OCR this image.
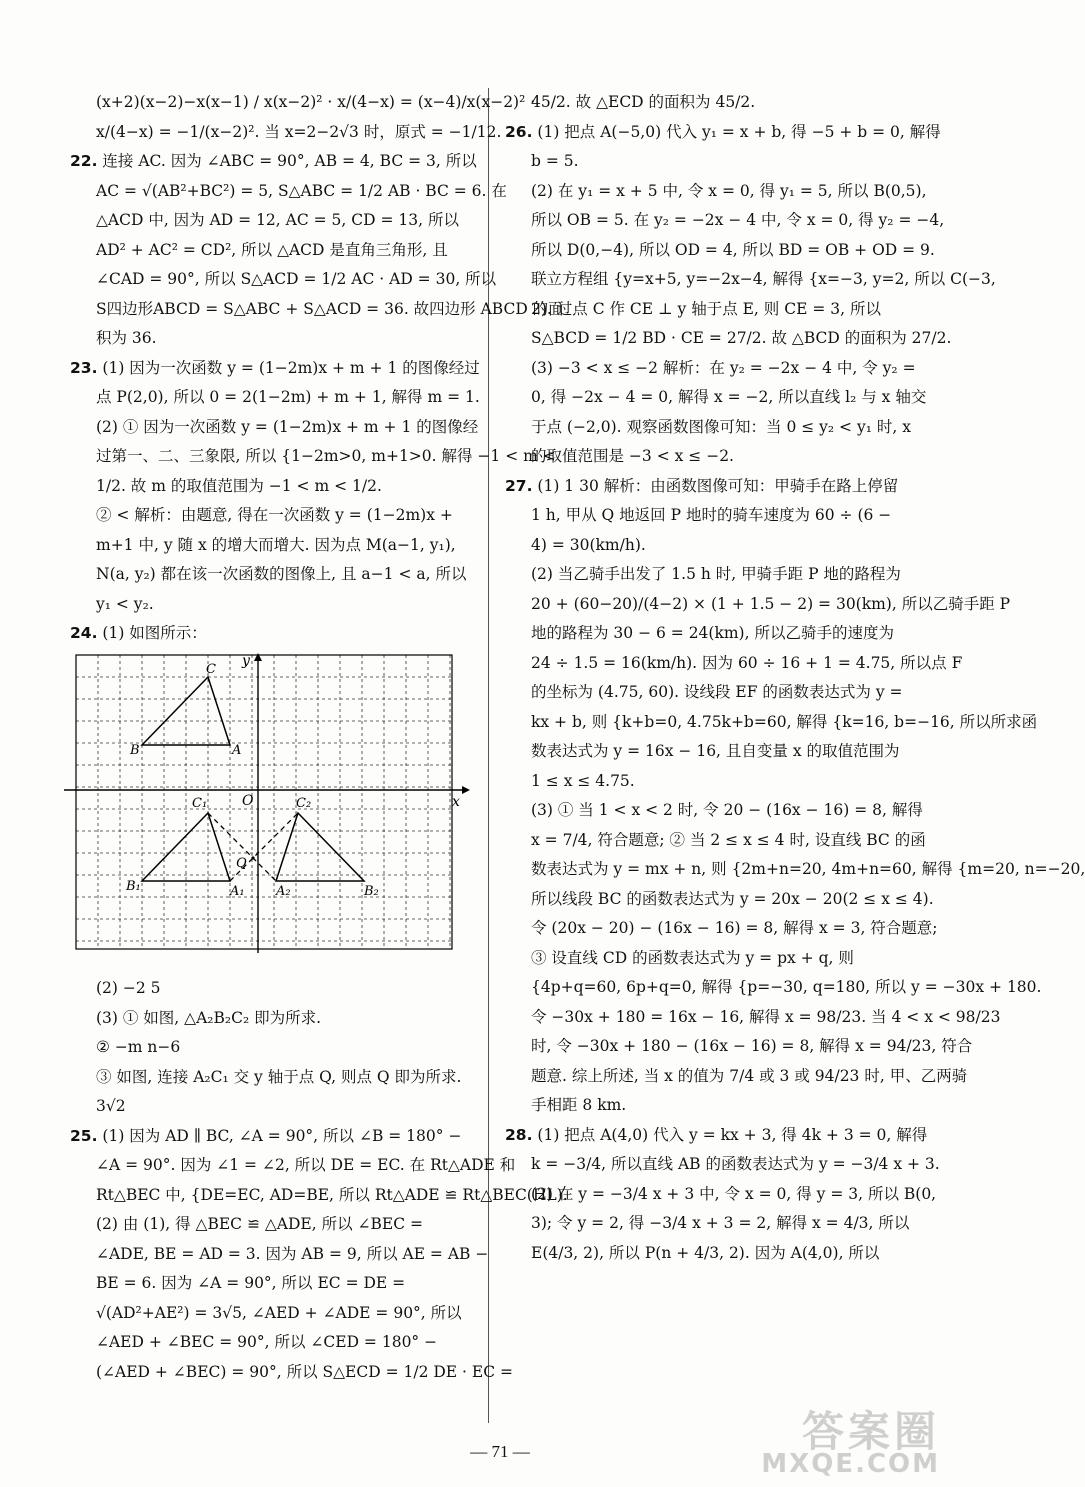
(x+2)(x−2)−x(x−1) / x(x−2)² · x/(4−x) = (x−4)/x(x−2)² ·
x/(4−x) = −1/(x−2)². 当 x=2−2√3 时，原式 = −1/12.
22. 连接 AC. 因为 ∠ABC = 90°, AB = 4, BC = 3, 所以
AC = √(AB²+BC²) = 5, S△ABC = 1/2 AB · BC = 6. 在
△ACD 中, 因为 AD = 12, AC = 5, CD = 13, 所以
AD² + AC² = CD², 所以 △ACD 是直角三角形, 且
∠CAD = 90°, 所以 S△ACD = 1/2 AC · AD = 30, 所以
S四边形ABCD = S△ABC + S△ACD = 36. 故四边形 ABCD 的面
积为 36.
23. (1) 因为一次函数 y = (1−2m)x + m + 1 的图像经过
点 P(2,0), 所以 0 = 2(1−2m) + m + 1, 解得 m = 1.
(2) ① 因为一次函数 y = (1−2m)x + m + 1 的图像经
过第一、二、三象限, 所以 {1−2m>0, m+1>0. 解得 −1 < m <
1/2. 故 m 的取值范围为 −1 < m < 1/2.
② < 解析：由题意, 得在一次函数 y = (1−2m)x +
m+1 中, y 随 x 的增大而增大. 因为点 M(a−1, y₁),
N(a, y₂) 都在该一次函数的图像上, 且 a−1 < a, 所以
y₁ < y₂.
24. (1) 如图所示：
x
y
O
C
B	A
C₁
B₁	A₁
C₂
A₂	B₂
Q
(2) −2 5
(3) ① 如图, △A₂B₂C₂ 即为所求.
② −m n−6
③ 如图, 连接 A₂C₁ 交 y 轴于点 Q, 则点 Q 即为所求.
3√2
25. (1) 因为 AD ∥ BC, ∠A = 90°, 所以 ∠B = 180° −
∠A = 90°. 因为 ∠1 = ∠2, 所以 DE = EC. 在 Rt△ADE 和
Rt△BEC 中, {DE=EC, AD=BE, 所以 Rt△ADE ≌ Rt△BEC(HL).
(2) 由 (1), 得 △BEC ≌ △ADE, 所以 ∠BEC =
∠ADE, BE = AD = 3. 因为 AB = 9, 所以 AE = AB −
BE = 6. 因为 ∠A = 90°, 所以 EC = DE =
√(AD²+AE²) = 3√5, ∠AED + ∠ADE = 90°, 所以
∠AED + ∠BEC = 90°, 所以 ∠CED = 180° −
(∠AED + ∠BEC) = 90°, 所以 S△ECD = 1/2 DE · EC =
45/2. 故 △ECD 的面积为 45/2.
26. (1) 把点 A(−5,0) 代入 y₁ = x + b, 得 −5 + b = 0, 解得
b = 5.
(2) 在 y₁ = x + 5 中, 令 x = 0, 得 y₁ = 5, 所以 B(0,5),
所以 OB = 5. 在 y₂ = −2x − 4 中, 令 x = 0, 得 y₂ = −4,
所以 D(0,−4), 所以 OD = 4, 所以 BD = OB + OD = 9.
联立方程组 {y=x+5, y=−2x−4, 解得 {x=−3, y=2, 所以 C(−3,
2). 过点 C 作 CE ⊥ y 轴于点 E, 则 CE = 3, 所以
S△BCD = 1/2 BD · CE = 27/2. 故 △BCD 的面积为 27/2.
(3) −3 < x ≤ −2 解析：在 y₂ = −2x − 4 中, 令 y₂ =
0, 得 −2x − 4 = 0, 解得 x = −2, 所以直线 l₂ 与 x 轴交
于点 (−2,0). 观察函数图像可知：当 0 ≤ y₂ < y₁ 时, x
的取值范围是 −3 < x ≤ −2.
27. (1) 1 30 解析：由函数图像可知：甲骑手在路上停留
1 h, 甲从 Q 地返回 P 地时的骑车速度为 60 ÷ (6 −
4) = 30(km/h).
(2) 当乙骑手出发了 1.5 h 时, 甲骑手距 P 地的路程为
20 + (60−20)/(4−2) × (1 + 1.5 − 2) = 30(km), 所以乙骑手距 P
地的路程为 30 − 6 = 24(km), 所以乙骑手的速度为
24 ÷ 1.5 = 16(km/h). 因为 60 ÷ 16 + 1 = 4.75, 所以点 F
的坐标为 (4.75, 60). 设线段 EF 的函数表达式为 y =
kx + b, 则 {k+b=0, 4.75k+b=60, 解得 {k=16, b=−16, 所以所求函
数表达式为 y = 16x − 16, 且自变量 x 的取值范围为
1 ≤ x ≤ 4.75.
(3) ① 当 1 < x < 2 时, 令 20 − (16x − 16) = 8, 解得
x = 7/4, 符合题意; ② 当 2 ≤ x ≤ 4 时, 设直线 BC 的函
数表达式为 y = mx + n, 则 {2m+n=20, 4m+n=60, 解得 {m=20, n=−20,
所以线段 BC 的函数表达式为 y = 20x − 20(2 ≤ x ≤ 4).
令 (20x − 20) − (16x − 16) = 8, 解得 x = 3, 符合题意;
③ 设直线 CD 的函数表达式为 y = px + q, 则
{4p+q=60, 6p+q=0, 解得 {p=−30, q=180, 所以 y = −30x + 180.
令 −30x + 180 = 16x − 16, 解得 x = 98/23. 当 4 < x < 98/23
时, 令 −30x + 180 − (16x − 16) = 8, 解得 x = 94/23, 符合
题意. 综上所述, 当 x 的值为 7/4 或 3 或 94/23 时, 甲、乙两骑
手相距 8 km.
28. (1) 把点 A(4,0) 代入 y = kx + 3, 得 4k + 3 = 0, 解得
k = −3/4, 所以直线 AB 的函数表达式为 y = −3/4 x + 3.
(2) 在 y = −3/4 x + 3 中, 令 x = 0, 得 y = 3, 所以 B(0,
3); 令 y = 2, 得 −3/4 x + 3 = 2, 解得 x = 4/3, 所以
E(4/3, 2), 所以 P(n + 4/3, 2). 因为 A(4,0), 所以
— 71 —	答案圈
MXQE.COM
